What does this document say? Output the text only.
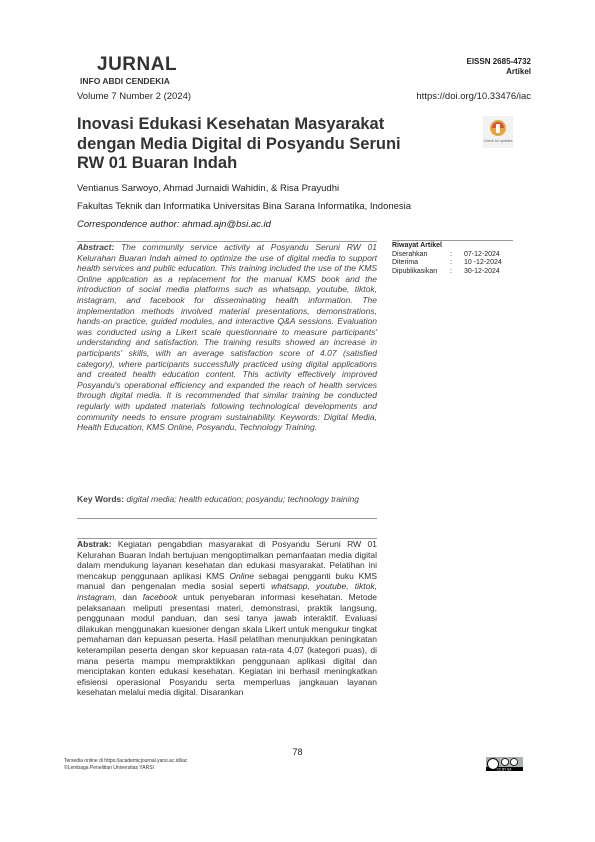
JURNAL
INFO ABDI CENDEKIA
Volume 7 Number 2 (2024)
EISSN 2685-4732
Artikel
https://doi.org/10.33476/iac
Inovasi Edukasi Kesehatan Masyarakat dengan Media Digital di Posyandu Seruni RW 01 Buaran Indah
Check for updates
Ventianus Sarwoyo, Ahmad Jurnaidi Wahidin, & Risa Prayudhi
Fakultas Teknik dan Informatika Universitas Bina Sarana Informatika, Indonesia
Correspondence author: ahmad.ajn@bsi.ac.id
Abstract: The community service activity at Posyandu Seruni RW 01 Kelurahan Buaran Indah aimed to optimize the use of digital media to support health services and public education. This training included the use of the KMS Online application as a replacement for the manual KMS book and the introduction of social media platforms such as whatsapp, youtube, tiktok, instagram, and facebook for disseminating health information. The implementation methods involved material presentations, demonstrations, hands-on practice, guided modules, and interactive Q&A sessions. Evaluation was conducted using a Likert scale questionnaire to measure participants' understanding and satisfaction. The training results showed an increase in participants' skills, with an average satisfaction score of 4.07 (satisfied category), where participants successfully practiced using digital applications and created health education content. This activity effectively improved Posyandu's operational efficiency and expanded the reach of health services through digital media. It is recommended that similar training be conducted regularly with updated materials following technological developments and community needs to ensure program sustainability. Keywords: Digital Media, Health Education, KMS Online, Posyandu, Technology Training.
Key Words: digital media; health education; posyandu; technology training
Riwayat Artikel
Diserahkan	:	07-12-2024
Diterima	:	10 -12-2024
Dipublikasikan	:	30-12-2024
Abstrak: Kegiatan pengabdian masyarakat di Posyandu Seruni RW 01 Kelurahan Buaran Indah bertujuan mengoptimalkan pemanfaatan media digital dalam mendukung layanan kesehatan dan edukasi masyarakat. Pelatihan ini mencakup penggunaan aplikasi KMS Online sebagai pengganti buku KMS manual dan pengenalan media sosial seperti whatsapp, youtube, tiktok, instagram, dan facebook untuk penyebaran informasi kesehatan. Metode pelaksanaan meliputi presentasi materi, demonstrasi, praktik langsung, penggunaan modul panduan, dan sesi tanya jawab interaktif. Evaluasi dilakukan menggunakan kuesioner dengan skala Likert untuk mengukur tingkat pemahaman dan kepuasan peserta. Hasil pelatihan menunjukkan peningkatan keterampilan peserta dengan skor kepuasan rata-rata 4,07 (kategori puas), di mana peserta mampu mempraktikkan penggunaan aplikasi digital dan menciptakan konten edukasi kesehatan. Kegiatan ini berhasil meningkatkan efisiensi operasional Posyandu serta memperluas jangkauan layanan kesehatan melalui media digital. Disarankan
78
Tersedia online di https://academicjournal.yarsi.ac.id/iac
©Lembaga Penelitian Universitas YARSI	CC BY SA
